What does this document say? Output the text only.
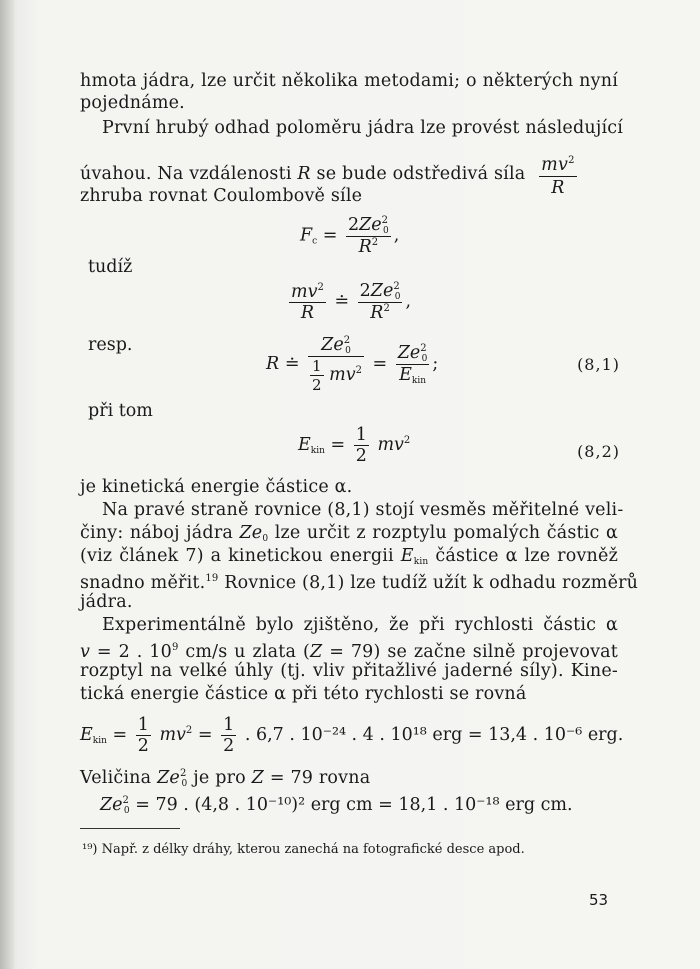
hmota jádra, lze určit několika metodami; o některých nyní
pojednáme.
První hrubý odhad poloměru jádra lze provést následující
úvahou. Na vzdálenosti R se bude odstředivá síla $\frac{mv^2}{R}$
zhruba rovnat Coulombově síle
$F_c = \frac{2Ze^2_0}{R^2}$ ,
tudíž
$\frac{mv^2}{R}$ ≐ $\frac{2Ze^2_0}{R^2}$ ,
resp.
R ≐ $\frac{Ze^2_0}{\frac{1}{2} mv^2} = \frac{Ze^2_0}{E_{kin}}$ ;	(8,1)
při tom
$E_{kin} = \frac{1}{2} mv^2$
(8,2)
je kinetická energie částice α.
Na pravé straně rovnice (8,1) stojí vesměs měřitelné veli-
činy: náboj jádra $Ze_0$ lze určit z rozptylu pomalých částic α
(viz článek 7) a kinetickou energii $E_{kin}$ částice α lze rovněž
snadno měřit.$^{19}$ Rovnice (8,1) lze tudíž užít k odhadu rozměrů
jádra.
Experimentálně bylo zjištěno, že při rychlosti částic α
v = 2 . $10^9$ cm/s u zlata (Z = 79) se začne silně projevovat
rozptyl na velké úhly (tj. vliv přitažlivé jaderné síly). Kine-
tická energie částice α při této rychlosti se rovná
$E_{kin} = \frac{1}{2} mv^2 = \frac{1}{2}$ . 6,7 . 10⁻²⁴ . 4 . 10¹⁸ erg = 13,4 . 10⁻⁶ erg.
Veličina $Ze^2_0$ je pro Z = 79 rovna
$Ze^2_0 = 79$ . (4,8 . 10⁻¹⁰)² erg cm = 18,1 . 10⁻¹⁸ erg cm.
¹⁹) Např. z délky dráhy, kterou zanechá na fotografické desce apod.
53
